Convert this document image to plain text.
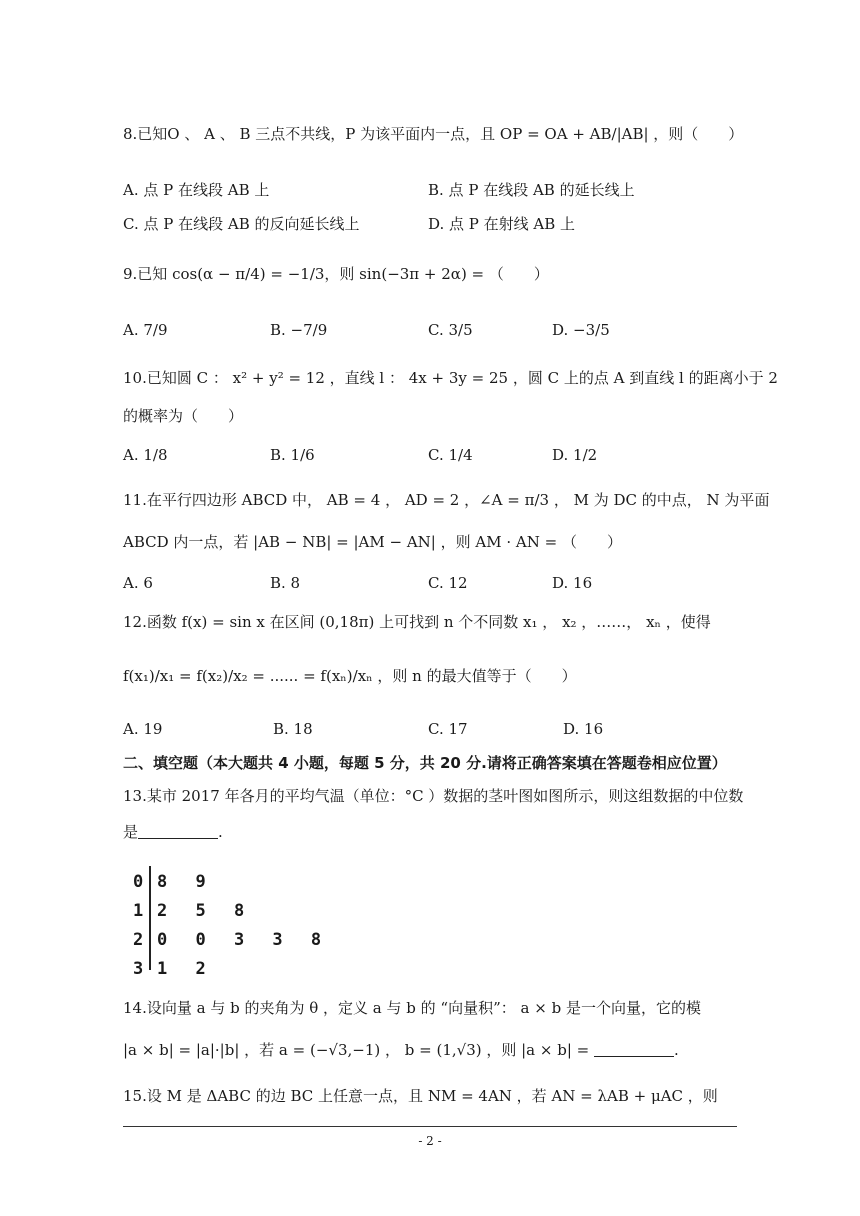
8.已知O 、 A 、 B 三点不共线，P 为该平面内一点，且 OP = OA + AB/|AB| ，则（　　）
A. 点 P 在线段 AB 上	B. 点 P 在线段 AB 的延长线上
C. 点 P 在线段 AB 的反向延长线上	D. 点 P 在射线 AB 上
9.已知 cos(α − π/4) = −1/3，则 sin(−3π + 2α) = （　　）
A. 7/9	B. −7/9	C. 3/5	D. −3/5
10.已知圆 C ： x² + y² = 12 ，直线 l ： 4x + 3y = 25 ，圆 C 上的点 A 到直线 l 的距离小于 2
的概率为（　　）
A. 1/8	B. 1/6	C. 1/4	D. 1/2
11.在平行四边形 ABCD 中， AB = 4 ， AD = 2 ，∠A = π/3 ， M 为 DC 的中点， N 为平面
ABCD 内一点，若 |AB − NB| = |AM − AN| ，则 AM · AN = （　　）
A. 6	B. 8	C. 12	D. 16
12.函数 f(x) = sin x 在区间 (0,18π) 上可找到 n 个不同数 x₁ ， x₂ ，……， xₙ ，使得
f(x₁)/x₁ = f(x₂)/x₂ = ...... = f(xₙ)/xₙ ，则 n 的最大值等于（　　）
A. 19	B. 18	C. 17	D. 16
二、填空题（本大题共 4 小题，每题 5 分，共 20 分.请将正确答案填在答题卷相应位置）
13.某市 2017 年各月的平均气温（单位：°C ）数据的茎叶图如图所示，则这组数据的中位数
是	.
0 8 9
1 2 5 8
2 0 0 3 3 8
3 1 2
14.设向量 a 与 b 的夹角为 θ ，定义 a 与 b 的 “向量积”： a × b 是一个向量，它的模
|a × b| = |a|·|b| ，若 a = (−√3,−1) ， b = (1,√3) ，则 |a × b| =	.
15.设 M 是 ΔABC 的边 BC 上任意一点，且 NM = 4AN ，若 AN = λAB + μAC ，则
- 2 -
